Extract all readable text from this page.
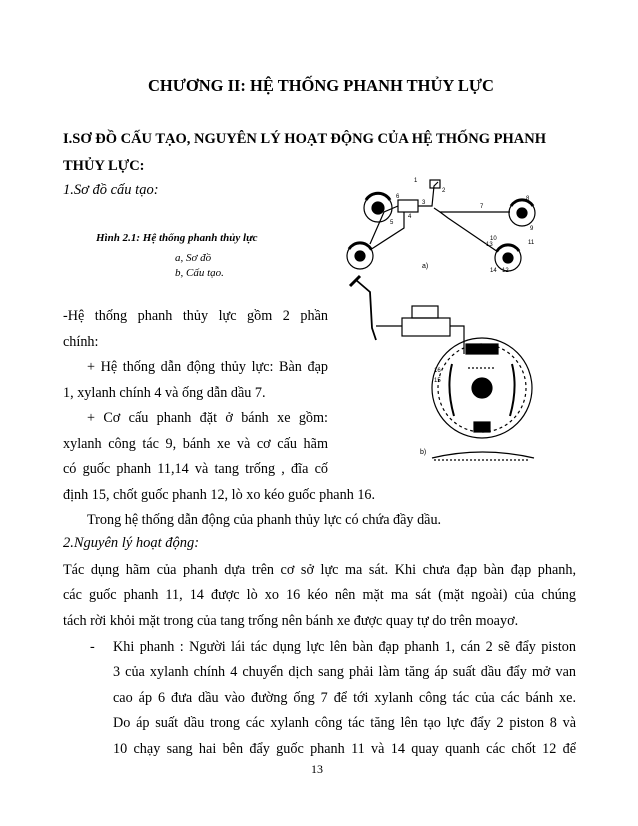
CHƯƠNG II: HỆ THỐNG PHANH THỦY LỰC
I.SƠ ĐỒ CẤU TẠO, NGUYÊN LÝ HOẠT ĐỘNG CỦA HỆ THỐNG PHANH
THỦY LỰC:
1.Sơ đồ cấu tạo:
Hình 2.1: Hệ thống phanh thủy lực
a, Sơ đồ
b, Cấu tạo.
1
2
3
4
5
6
7
8
9
10
11
12
13
14
15
16
a)
b)
-Hệ thống phanh thủy lực gồm 2 phần
chính:
+ Hệ thống dẫn động thủy lực: Bàn đạp
1, xylanh chính 4 và ống dẫn dầu 7.
+ Cơ cấu phanh đặt ở bánh xe gồm:
xylanh công tác 9, bánh xe và cơ cấu hãm
có guốc phanh 11,14 và tang trống , đĩa cố
định 15, chốt guốc phanh 12, lò xo kéo guốc phanh 16.
Trong hệ thống dẫn động của phanh thủy lực có chứa đầy dầu.
2.Nguyên lý hoạt động:
Tác dụng hãm của phanh dựa trên cơ sở lực ma sát. Khi chưa đạp bàn đạp phanh,
các guốc phanh 11, 14 được lò xo 16 kéo nên mặt ma sát (mặt ngoài) của chúng
tách rời khỏi mặt trong của tang trống nên bánh xe được quay tự do trên moayơ.
- Khi phanh : Người lái tác dụng lực lên bàn đạp phanh 1, cán 2 sẽ đẩy piston
3 của xylanh chính 4 chuyển dịch sang phải làm tăng áp suất dầu đẩy mở van
cao áp 6 đưa dầu vào đường ống 7 để tới xylanh công tác của các bánh xe.
Do áp suất dầu trong các xylanh công tác tăng lên tạo lực đẩy 2 piston 8 và
10 chạy sang hai bên đẩy guốc phanh 11 và 14 quay quanh các chốt 12 để
13
